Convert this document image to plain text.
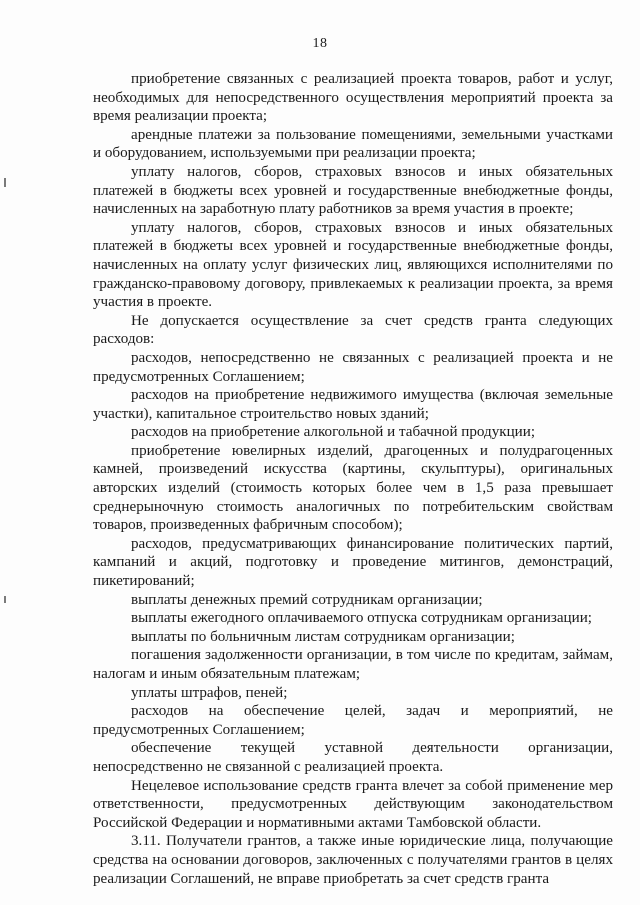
18

приобретение связанных с реализацией проекта товаров, работ и услуг, необходимых для непосредственного осуществления мероприятий проекта за время реализации проекта;

арендные платежи за пользование помещениями, земельными участками и оборудованием, используемыми при реализации проекта;

уплату налогов, сборов, страховых взносов и иных обязательных платежей в бюджеты всех уровней и государственные внебюджетные фонды, начисленных на заработную плату работников за время участия в проекте;

уплату налогов, сборов, страховых взносов и иных обязательных платежей в бюджеты всех уровней и государственные внебюджетные фонды, начисленных на оплату услуг физических лиц, являющихся исполнителями по гражданско-правовому договору, привлекаемых к реализации проекта, за время участия в проекте.

Не допускается осуществление за счет средств гранта следующих расходов:

расходов, непосредственно не связанных с реализацией проекта и не предусмотренных Соглашением;

расходов на приобретение недвижимого имущества (включая земельные участки), капитальное строительство новых зданий;

расходов на приобретение алкогольной и табачной продукции;

приобретение ювелирных изделий, драгоценных и полудрагоценных камней, произведений искусства (картины, скульптуры), оригинальных авторских изделий (стоимость которых более чем в 1,5 раза превышает среднерыночную стоимость аналогичных по потребительским свойствам товаров, произведенных фабричным способом);

расходов, предусматривающих финансирование политических партий, кампаний и акций, подготовку и проведение митингов, демонстраций, пикетирований;

выплаты денежных премий сотрудникам организации;

выплаты ежегодного оплачиваемого отпуска сотрудникам организации;

выплаты по больничным листам сотрудникам организации;

погашения задолженности организации, в том числе по кредитам, займам, налогам и иным обязательным платежам;

уплаты штрафов, пеней;

расходов на обеспечение целей, задач и мероприятий, не предусмотренных Соглашением;

обеспечение текущей уставной деятельности организации, непосредственно не связанной с реализацией проекта.

Нецелевое использование средств гранта влечет за собой применение мер ответственности, предусмотренных действующим законодательством Российской Федерации и нормативными актами Тамбовской области.

3.11. Получатели грантов, а также иные юридические лица, получающие средства на основании договоров, заключенных с получателями грантов в целях реализации Соглашений, не вправе приобретать за счет средств гранта
